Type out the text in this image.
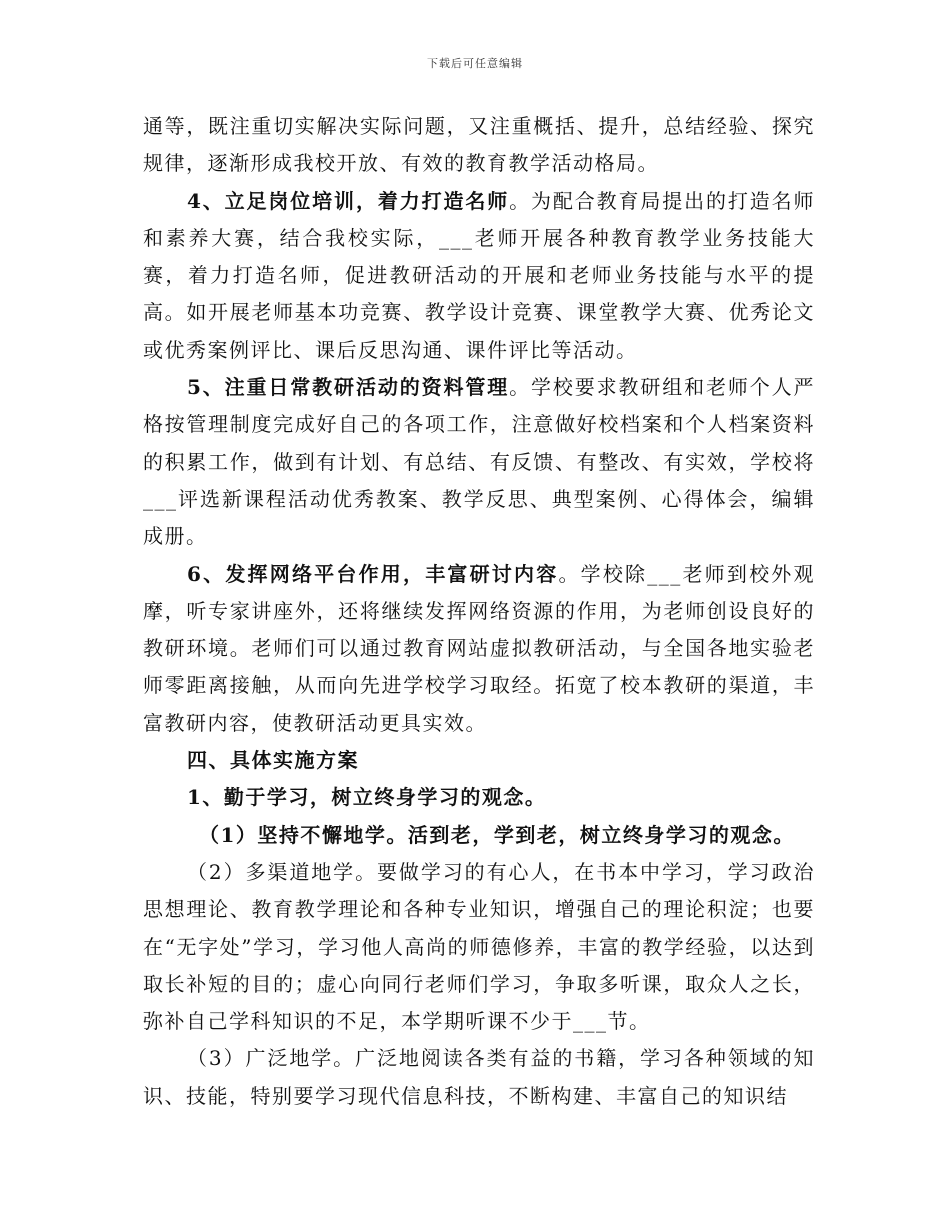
下载后可任意编辑

通等，既注重切实解决实际问题，又注重概括、提升，总结经验、探究规律，逐渐形成我校开放、有效的教育教学活动格局。

4、立足岗位培训，着力打造名师。为配合教育局提出的打造名师和素养大赛，结合我校实际，___老师开展各种教育教学业务技能大赛，着力打造名师，促进教研活动的开展和老师业务技能与水平的提高。如开展老师基本功竞赛、教学设计竞赛、课堂教学大赛、优秀论文或优秀案例评比、课后反思沟通、课件评比等活动。

5、注重日常教研活动的资料管理。学校要求教研组和老师个人严格按管理制度完成好自己的各项工作，注意做好校档案和个人档案资料的积累工作，做到有计划、有总结、有反馈、有整改、有实效，学校将___评选新课程活动优秀教案、教学反思、典型案例、心得体会，编辑成册。

6、发挥网络平台作用，丰富研讨内容。学校除___老师到校外观摩，听专家讲座外，还将继续发挥网络资源的作用，为老师创设良好的教研环境。老师们可以通过教育网站虚拟教研活动，与全国各地实验老师零距离接触，从而向先进学校学习取经。拓宽了校本教研的渠道，丰富教研内容，使教研活动更具实效。

四、具体实施方案

1、勤于学习，树立终身学习的观念。

（1）坚持不懈地学。活到老，学到老，树立终身学习的观念。

（2）多渠道地学。要做学习的有心人，在书本中学习，学习政治思想理论、教育教学理论和各种专业知识，增强自己的理论积淀；也要在“无字处”学习，学习他人高尚的师德修养，丰富的教学经验，以达到取长补短的目的；虚心向同行老师们学习，争取多听课，取众人之长，弥补自己学科知识的不足，本学期听课不少于___节。

（3）广泛地学。广泛地阅读各类有益的书籍，学习各种领域的知识、技能，特别要学习现代信息科技，不断构建、丰富自己的知识结
